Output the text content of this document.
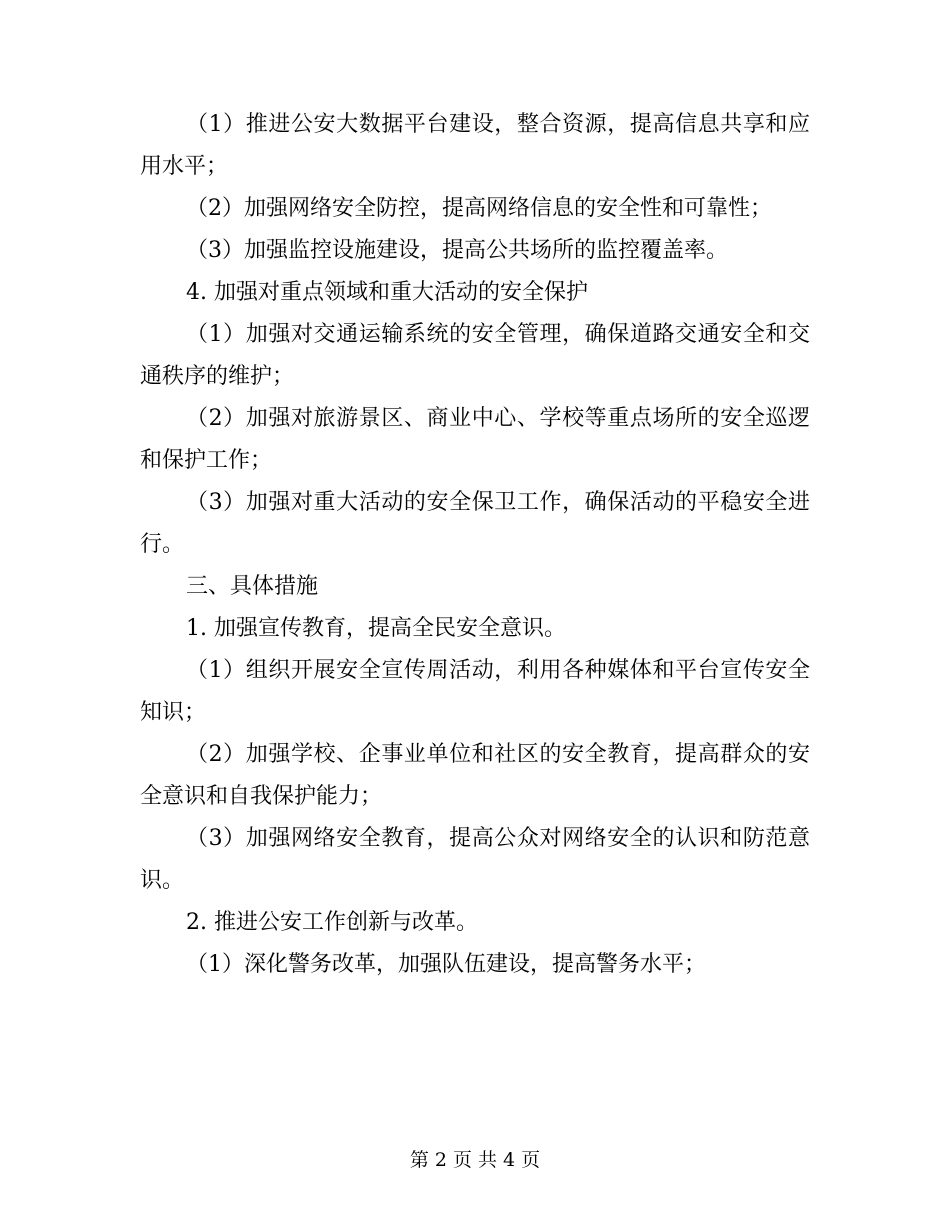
（1）推进公安大数据平台建设，整合资源，提高信息共享和应用水平；

（2）加强网络安全防控，提高网络信息的安全性和可靠性；

（3）加强监控设施建设，提高公共场所的监控覆盖率。

4. 加强对重点领域和重大活动的安全保护

（1）加强对交通运输系统的安全管理，确保道路交通安全和交通秩序的维护；

（2）加强对旅游景区、商业中心、学校等重点场所的安全巡逻和保护工作；

（3）加强对重大活动的安全保卫工作，确保活动的平稳安全进行。

三、具体措施

1. 加强宣传教育，提高全民安全意识。

（1）组织开展安全宣传周活动，利用各种媒体和平台宣传安全知识；

（2）加强学校、企事业单位和社区的安全教育，提高群众的安全意识和自我保护能力；

（3）加强网络安全教育，提高公众对网络安全的认识和防范意识。

2. 推进公安工作创新与改革。

（1）深化警务改革，加强队伍建设，提高警务水平；

第 2 页 共 4 页
